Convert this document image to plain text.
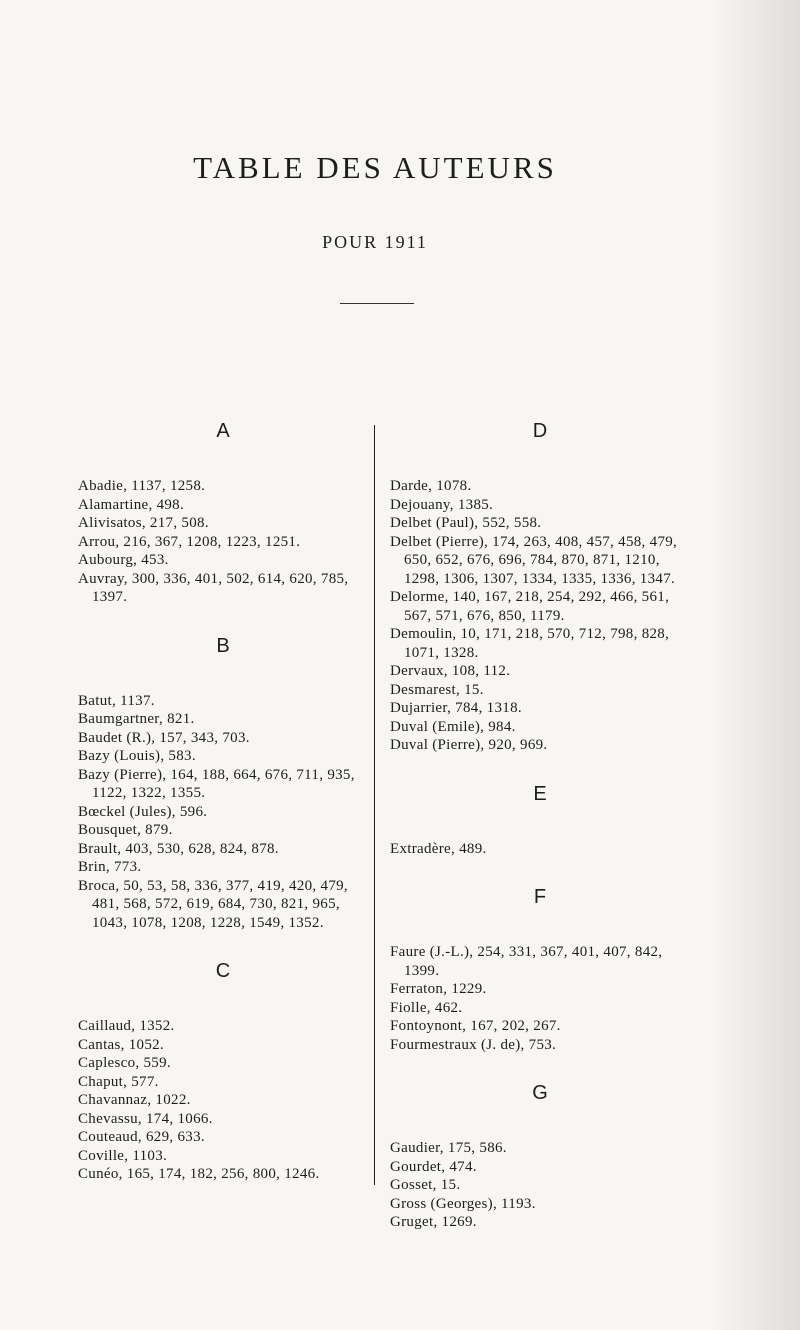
TABLE DES AUTEURS
POUR 1911
A
Abadie, 1137, 1258.
Alamartine, 498.
Alivisatos, 217, 508.
Arrou, 216, 367, 1208, 1223, 1251.
Aubourg, 453.
Auvray, 300, 336, 401, 502, 614, 620, 785, 1397.
B
Batut, 1137.
Baumgartner, 821.
Baudet (R.), 157, 343, 703.
Bazy (Louis), 583.
Bazy (Pierre), 164, 188, 664, 676, 711, 935, 1122, 1322, 1355.
Bœckel (Jules), 596.
Bousquet, 879.
Brault, 403, 530, 628, 824, 878.
Brin, 773.
Broca, 50, 53, 58, 336, 377, 419, 420, 479, 481, 568, 572, 619, 684, 730, 821, 965, 1043, 1078, 1208, 1228, 1549, 1352.
C
Caillaud, 1352.
Cantas, 1052.
Caplesco, 559.
Chaput, 577.
Chavannaz, 1022.
Chevassu, 174, 1066.
Couteaud, 629, 633.
Coville, 1103.
Cunéo, 165, 174, 182, 256, 800, 1246.
D
Darde, 1078.
Dejouany, 1385.
Delbet (Paul), 552, 558.
Delbet (Pierre), 174, 263, 408, 457, 458, 479, 650, 652, 676, 696, 784, 870, 871, 1210, 1298, 1306, 1307, 1334, 1335, 1336, 1347.
Delorme, 140, 167, 218, 254, 292, 466, 561, 567, 571, 676, 850, 1179.
Demoulin, 10, 171, 218, 570, 712, 798, 828, 1071, 1328.
Dervaux, 108, 112.
Desmarest, 15.
Dujarrier, 784, 1318.
Duval (Emile), 984.
Duval (Pierre), 920, 969.
E
Extradère, 489.
F
Faure (J.-L.), 254, 331, 367, 401, 407, 842, 1399.
Ferraton, 1229.
Fiolle, 462.
Fontoynont, 167, 202, 267.
Fourmestraux (J. de), 753.
G
Gaudier, 175, 586.
Gourdet, 474.
Gosset, 15.
Gross (Georges), 1193.
Gruget, 1269.
